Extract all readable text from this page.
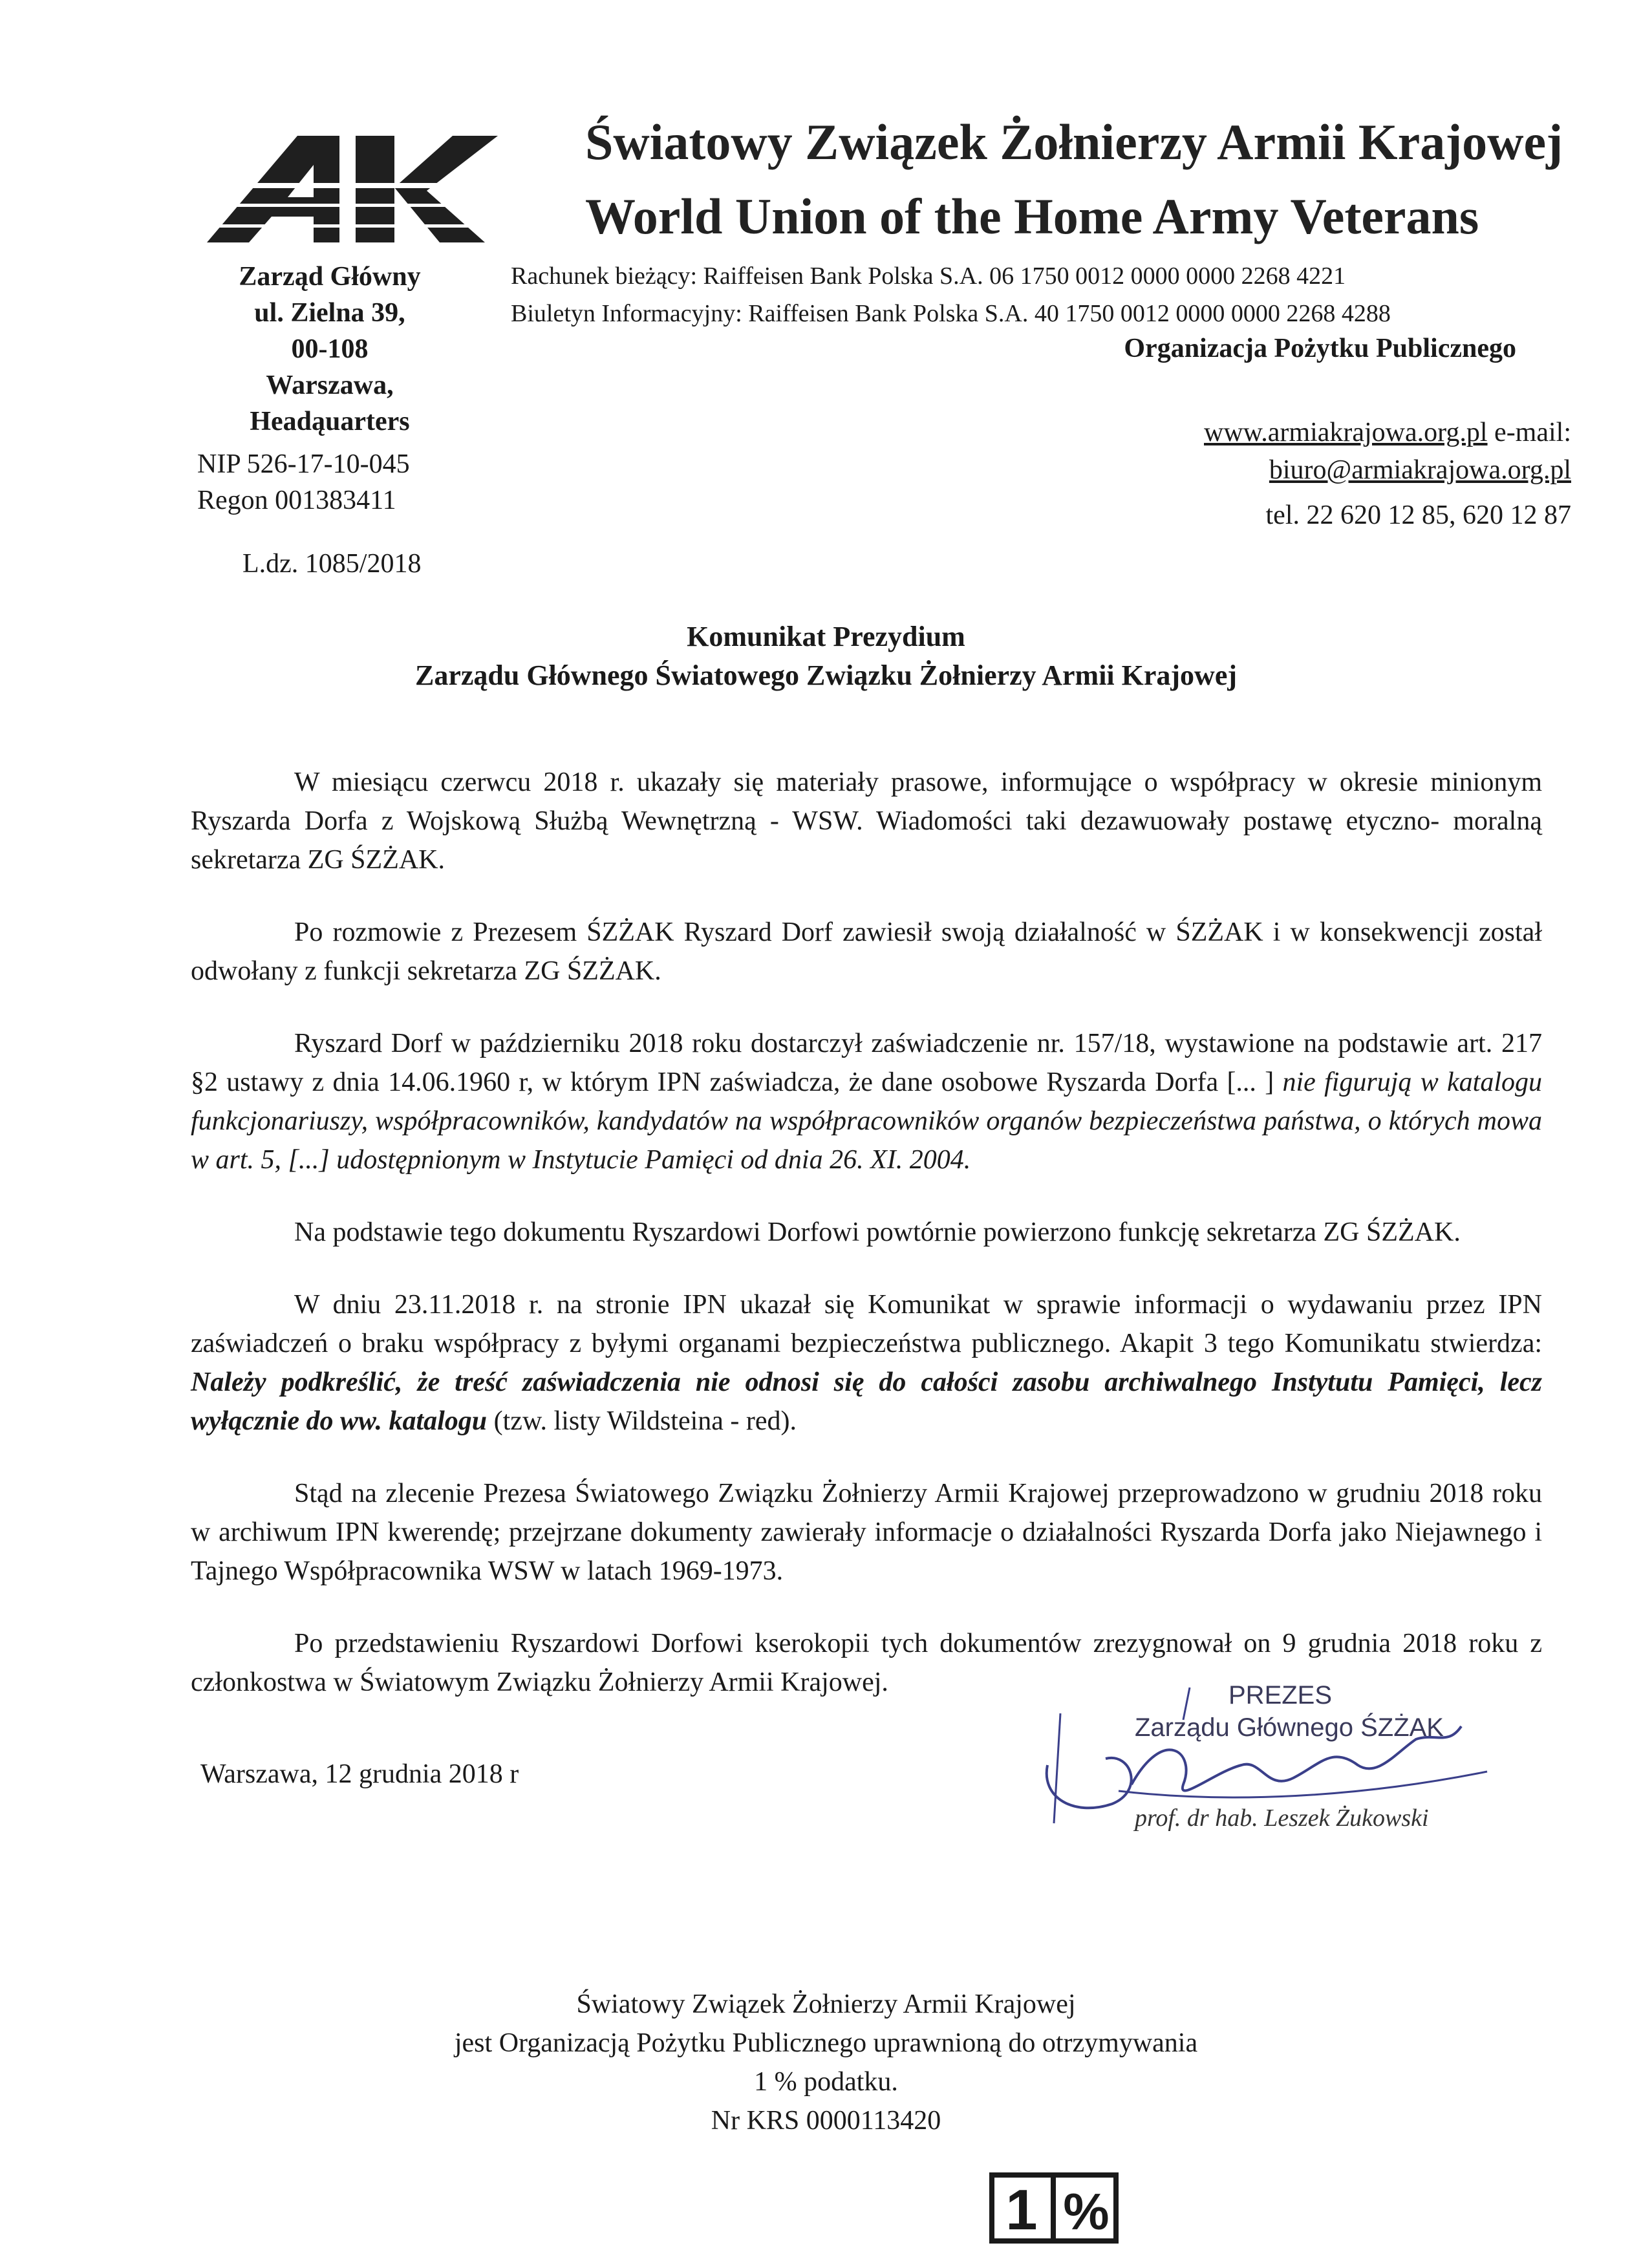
Światowy Związek Żołnierzy Armii Krajowej
World Union of the Home Army Veterans
Zarząd Główny
ul. Zielna 39,
00-108
Warszawa,
Headąuarters
NIP 526-17-10-045
Regon 001383411
L.dz. 1085/2018
Rachunek bieżący: Raiffeisen Bank Polska S.A. 06 1750 0012 0000 0000 2268 4221
Biuletyn Informacyjny: Raiffeisen Bank Polska S.A. 40 1750 0012 0000 0000 2268 4288
Organizacja Pożytku Publicznego
www.armiakrajowa.org.pl e-mail:
biuro@armiakrajowa.org.pl
tel. 22 620 12 85, 620 12 87
Komunikat Prezydium
Zarządu Głównego Światowego Związku Żołnierzy Armii Krajowej

W miesiącu czerwcu 2018 r. ukazały się materiały prasowe, informujące o współpracy w okresie minionym Ryszarda Dorfa z Wojskową Służbą Wewnętrzną - WSW. Wiadomości taki dezawuowały postawę etyczno- moralną sekretarza ZG ŚZŻAK.

Po rozmowie z Prezesem ŚZŻAK Ryszard Dorf zawiesił swoją działalność w ŚZŻAK i w konsekwencji został odwołany z funkcji sekretarza ZG ŚZŻAK.

Ryszard Dorf w październiku 2018 roku dostarczył zaświadczenie nr. 157/18, wystawione na podstawie art. 217 §2 ustawy z dnia 14.06.1960 r, w którym IPN zaświadcza, że dane osobowe Ryszarda Dorfa [... ] nie figurują w katalogu funkcjonariuszy, współpracowników, kandydatów na współpracowników organów bezpieczeństwa państwa, o których mowa w art. 5, [...] udostępnionym w Instytucie Pamięci od dnia 26. XI. 2004.

Na podstawie tego dokumentu Ryszardowi Dorfowi powtórnie powierzono funkcję sekretarza ZG ŚZŻAK.

W dniu 23.11.2018 r. na stronie IPN ukazał się Komunikat w sprawie informacji o wydawaniu przez IPN zaświadczeń o braku współpracy z byłymi organami bezpieczeństwa publicznego. Akapit 3 tego Komunikatu stwierdza: Należy podkreślić, że treść zaświadczenia nie odnosi się do całości zasobu archiwalnego Instytutu Pamięci, lecz wyłącznie do ww. katalogu (tzw. listy Wildsteina - red).

Stąd na zlecenie Prezesa Światowego Związku Żołnierzy Armii Krajowej przeprowadzono w grudniu 2018 roku w archiwum IPN kwerendę; przejrzane dokumenty zawierały informacje o działalności Ryszarda Dorfa jako Niejawnego i Tajnego Współpracownika WSW w latach 1969-1973.

Po przedstawieniu Ryszardowi Dorfowi kserokopii tych dokumentów zrezygnował on 9 grudnia 2018 roku z członkostwa w Światowym Związku Żołnierzy Armii Krajowej.

Warszawa, 12 grudnia 2018 r
PREZES
Zarządu Głównego ŚZŻAK
prof. dr hab. Leszek Żukowski
Światowy Związek Żołnierzy Armii Krajowej
jest Organizacją Pożytku Publicznego uprawnioną do otrzymywania
1 % podatku.
Nr KRS 0000113420
1 %
